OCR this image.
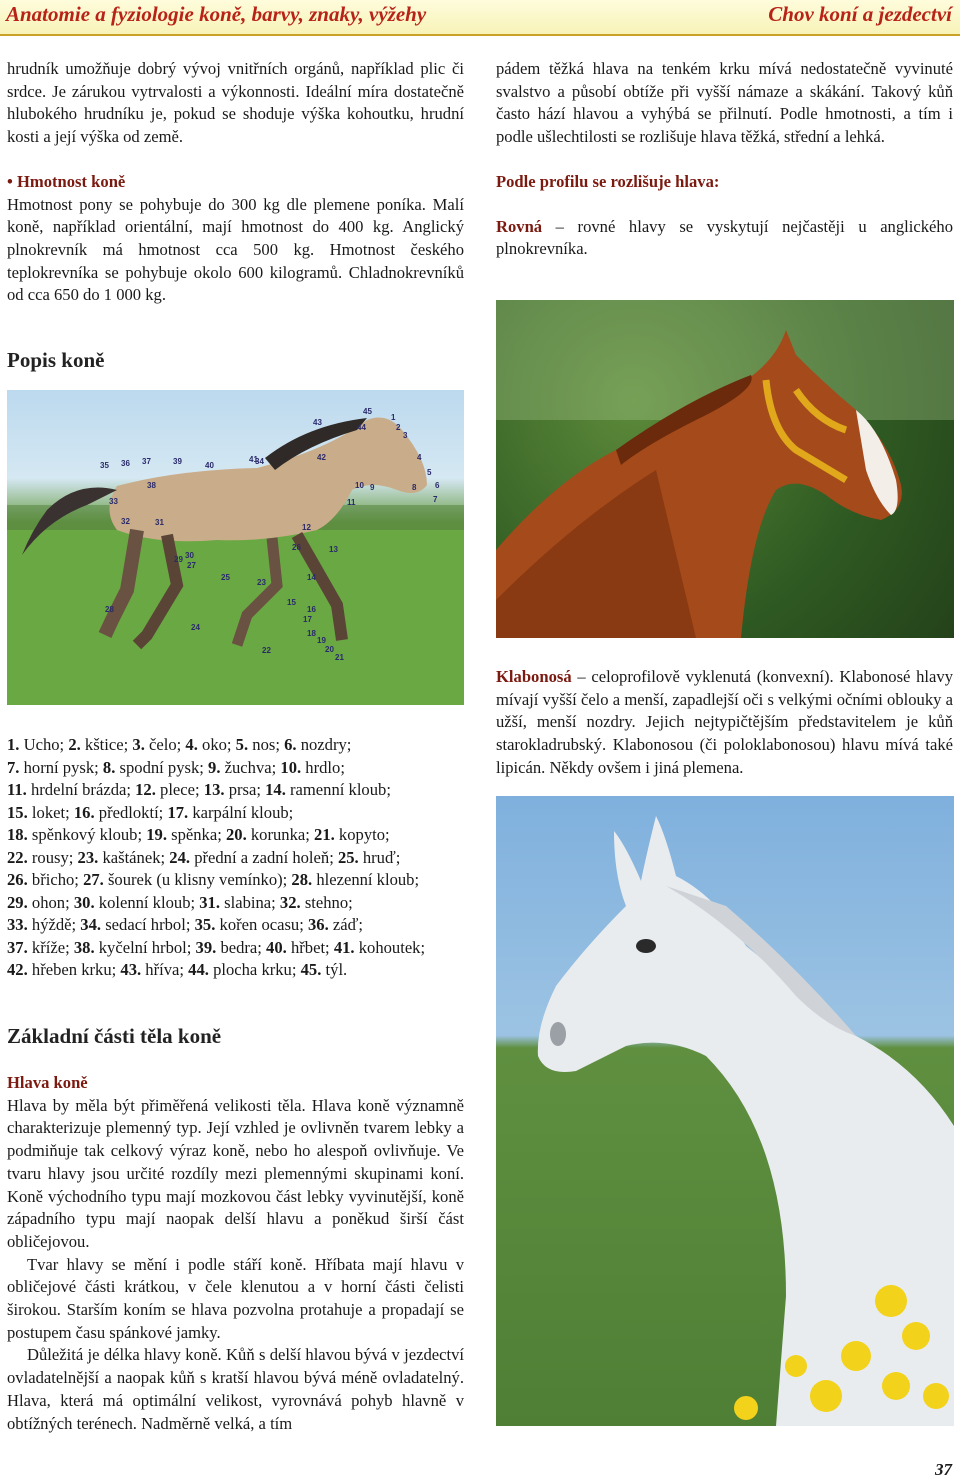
Anatomie a fyziologie koně, barvy, znaky, výžehy	Chov koní a jezdectví

hrudník umožňuje dobrý vývoj vnitřních orgánů, například plic či srdce. Je zárukou vytrvalosti a výkonnosti. Ideální míra dostatečně hlubokého hrudníku je, pokud se shoduje výška kohoutku, hrudní kosti a její výška od země.

• Hmotnost koně

Hmotnost pony se pohybuje do 300 kg dle plemene poníka. Malí koně, například orientální, mají hmotnost do 400 kg. Anglický plnokrevník má hmotnost cca 500 kg. Hmotnost českého teplokrevníka se pohybuje okolo 600 kilogramů. Chladnokrevníků od cca 650 do 1 000 kg.

Popis koně
45
1
2
3
4
5
6
7
8
9
10
11
12
13
14
15
16
17
18
19
20
21
22
23
24
25
26
27
28
29 30
31
32
33
34
35 36 37
38
39	40
41	42
43
44
1. Ucho; 2. kštice; 3. čelo; 4. oko; 5. nos; 6. nozdry;
7. horní pysk; 8. spodní pysk; 9. žuchva; 10. hrdlo;
11. hrdelní brázda; 12. plece; 13. prsa; 14. ramenní kloub;
15. loket; 16. předloktí; 17. karpální kloub;
18. spěnkový kloub; 19. spěnka; 20. korunka; 21. kopyto;
22. rousy; 23. kaštánek; 24. přední a zadní holeň; 25. hruď;
26. břicho; 27. šourek (u klisny vemínko); 28. hlezenní kloub;
29. ohon; 30. kolenní kloub; 31. slabina; 32. stehno;
33. hýždě; 34. sedací hrbol; 35. kořen ocasu; 36. záď;
37. kříže; 38. kyčelní hrbol; 39. bedra; 40. hřbet; 41. kohoutek;
42. hřeben krku; 43. hříva; 44. plocha krku; 45. týl.
Základní části těla koně

Hlava koně

Hlava by měla být přiměřená velikosti těla. Hlava koně významně charakterizuje plemenný typ. Její vzhled je ovlivněn tvarem lebky a podmiňuje tak celkový výraz koně, nebo ho alespoň ovlivňuje. Ve tvaru hlavy jsou určité rozdíly mezi plemennými skupinami koní. Koně východního typu mají mozkovou část lebky vyvinutější, koně západního typu mají naopak delší hlavu a poněkud širší část obličejovou.

Tvar hlavy se mění i podle stáří koně. Hříbata mají hlavu v obličejové části krátkou, v čele klenutou a v horní části čelisti širokou. Starším koním se hlava pozvolna protahuje a propadají se postupem času spánkové jamky.

Důležitá je délka hlavy koně. Kůň s delší hlavou bývá v jezdectví ovladatelnější a naopak kůň s kratší hlavou bývá méně ovladatelný. Hlava, která má optimální velikost, vyrovnává pohyb hlavně v obtížných terénech. Nadměrně velká, a tím

pádem těžká hlava na tenkém krku mívá nedostatečně vyvinuté svalstvo a působí obtíže při vyšší námaze a skákání. Takový kůň často hází hlavou a vyhýbá se přilnutí. Podle hmotnosti, a tím i podle ušlechtilosti se rozlišuje hlava těžká, střední a lehká.

Podle profilu se rozlišuje hlava:

Rovná – rovné hlavy se vyskytují nejčastěji u anglického plnokrevníka.

Klabonosá – celoprofilově vyklenutá (konvexní). Klabonosé hlavy mívají vyšší čelo a menší, zapadlejší oči s velkými očními oblouky a užší, menší nozdry. Jejich nejtypičtějším představitelem je kůň starokladrubský. Klabonosou (či poloklabonosou) hlavu mívá také lipicán. Někdy ovšem i jiná plemena.

37
